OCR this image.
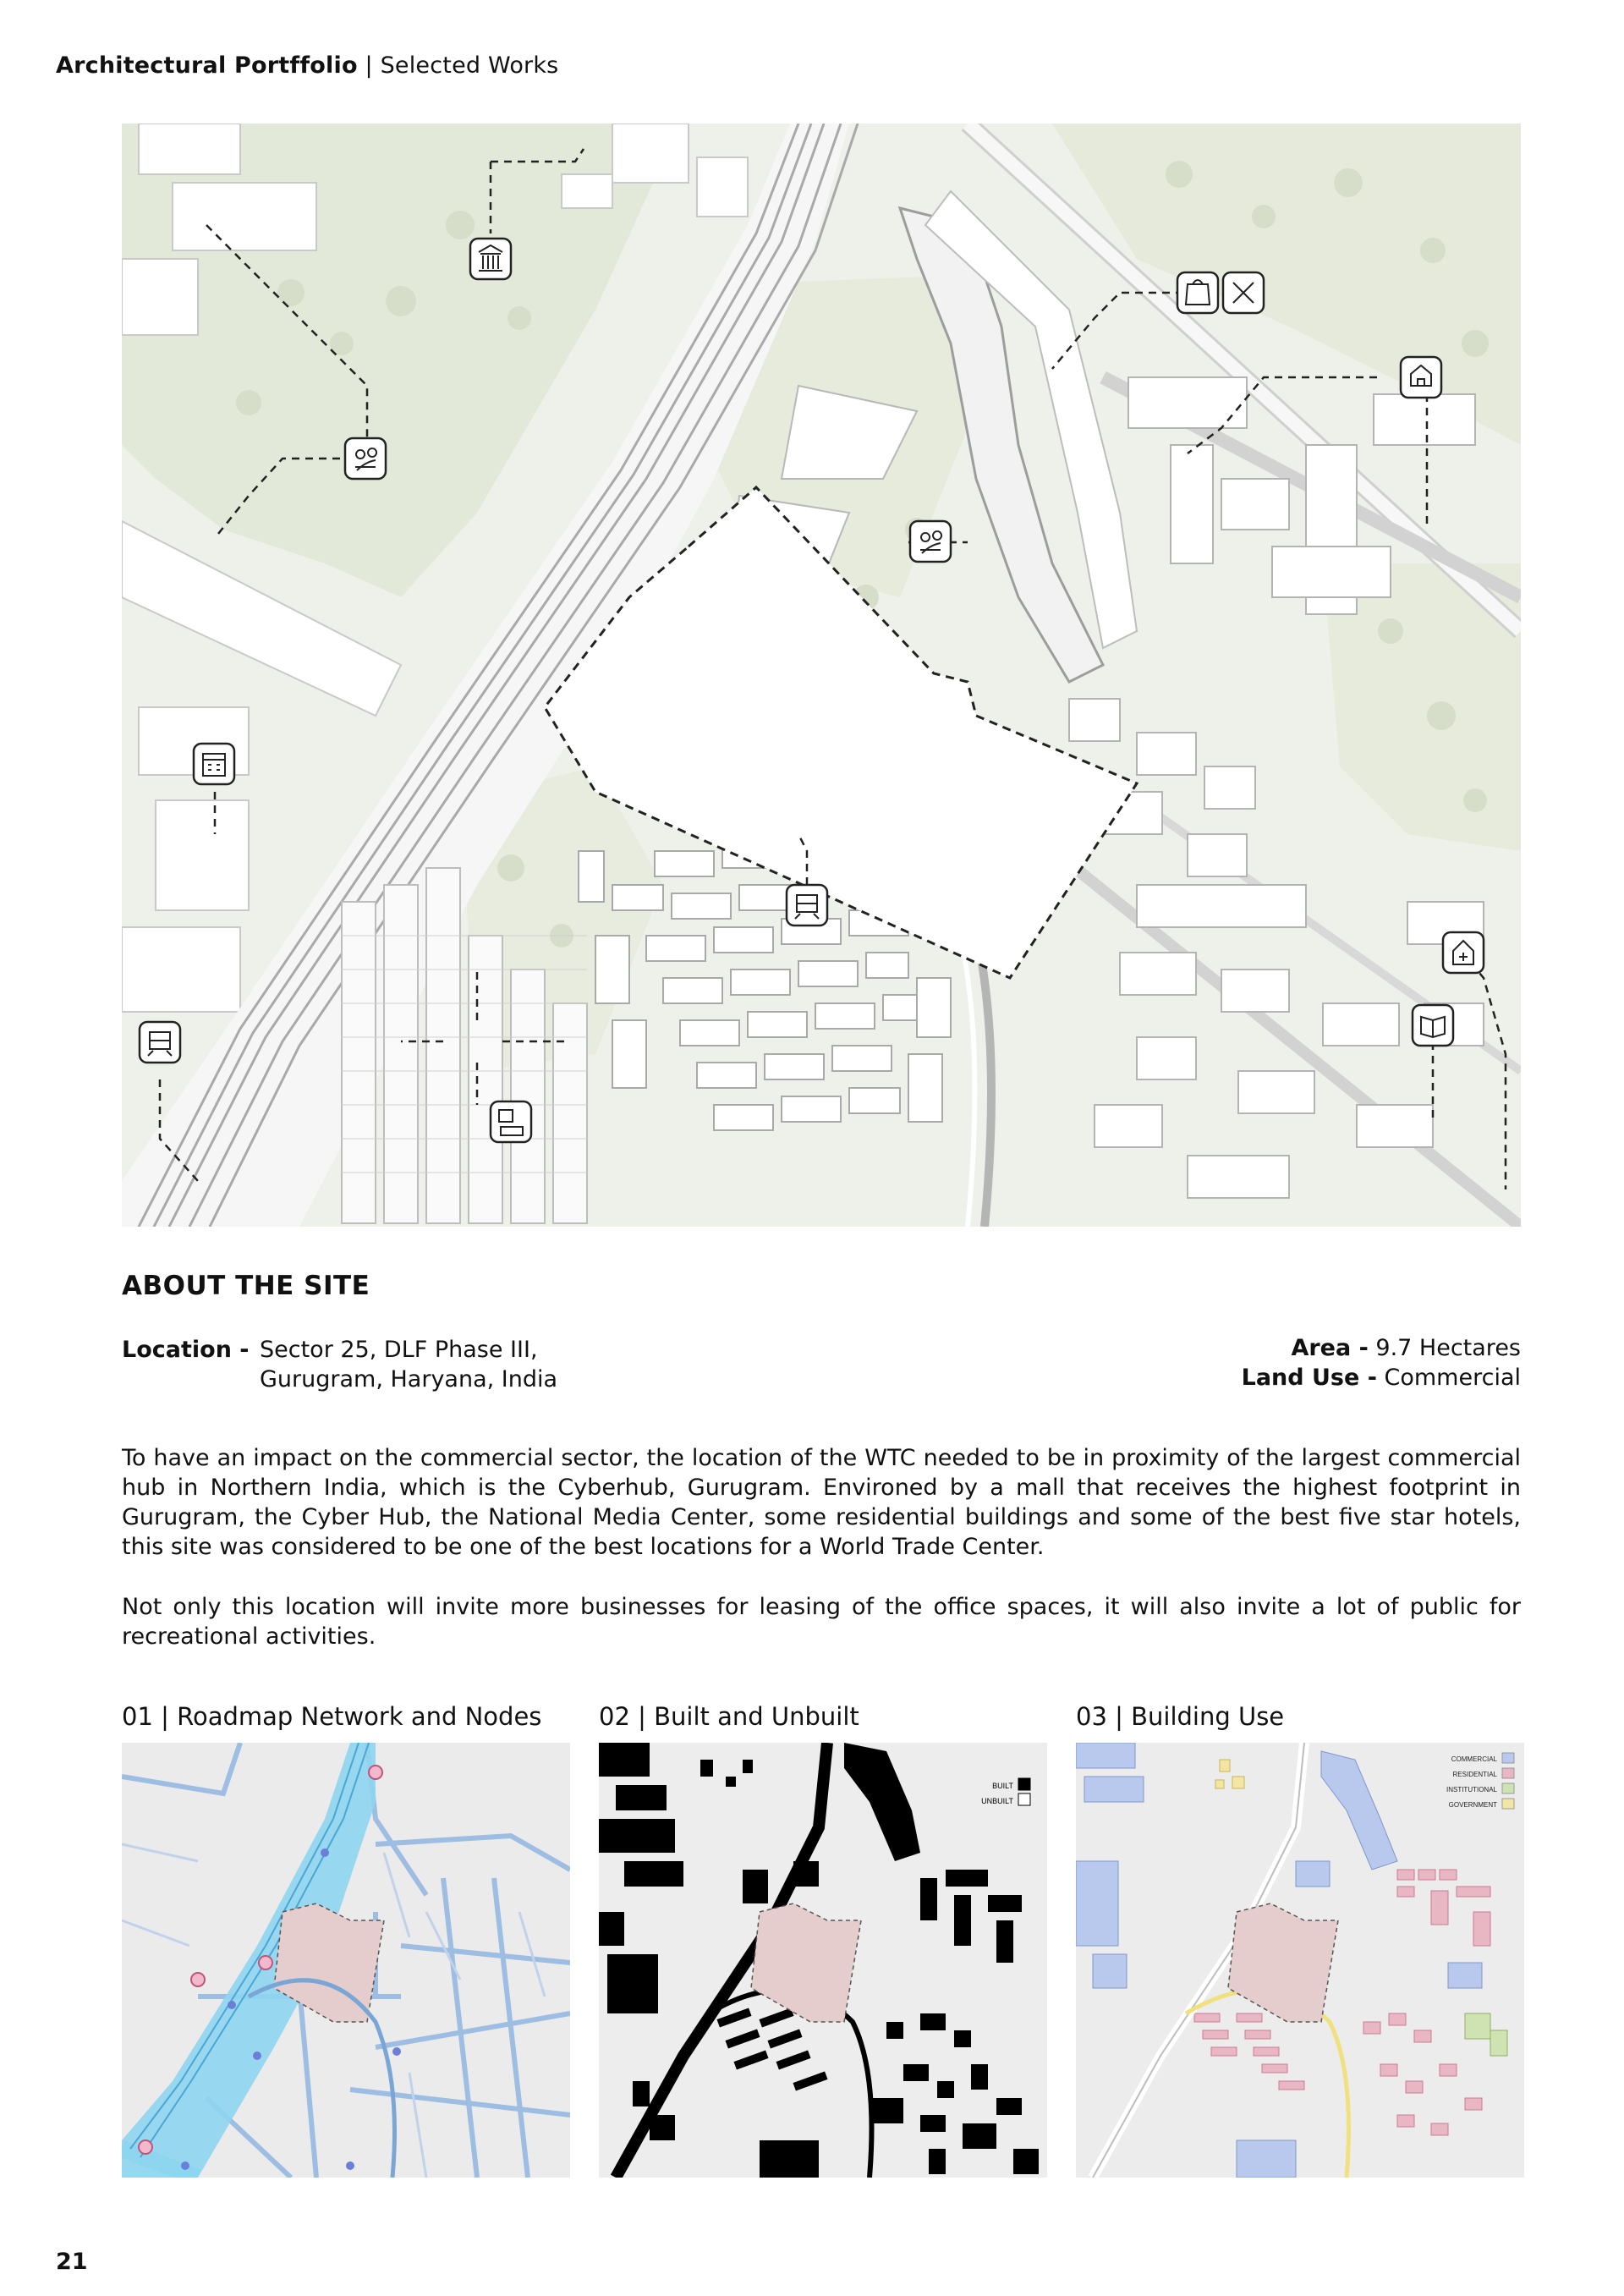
Architectural Portffolio | Selected Works
ABOUT THE SITE
Location - Sector 25, DLF Phase III,
Gurugram, Haryana, India
Area - 9.7 Hectares
Land Use - Commercial

To have an impact on the commercial sector, the location of the WTC needed to be in proximity of the largest commercial hub in Northern India, which is the Cyberhub, Gurugram. Environed by a mall that receives the highest footprint in Gurugram, the Cyber Hub, the National Media Center, some residential buildings and some of the best five star hotels, this site was considered to be one of the best locations for a World Trade Center.

Not only this location will invite more businesses for leasing of the office spaces, it will also invite a lot of public for recreational activities.

01 | Roadmap Network and Nodes 02 | Built and Unbuilt
BUILT
UNBUILT
03 | Building Use
COMMERCIAL
RESIDENTIAL
INSTITUTIONAL
GOVERNMENT
21
